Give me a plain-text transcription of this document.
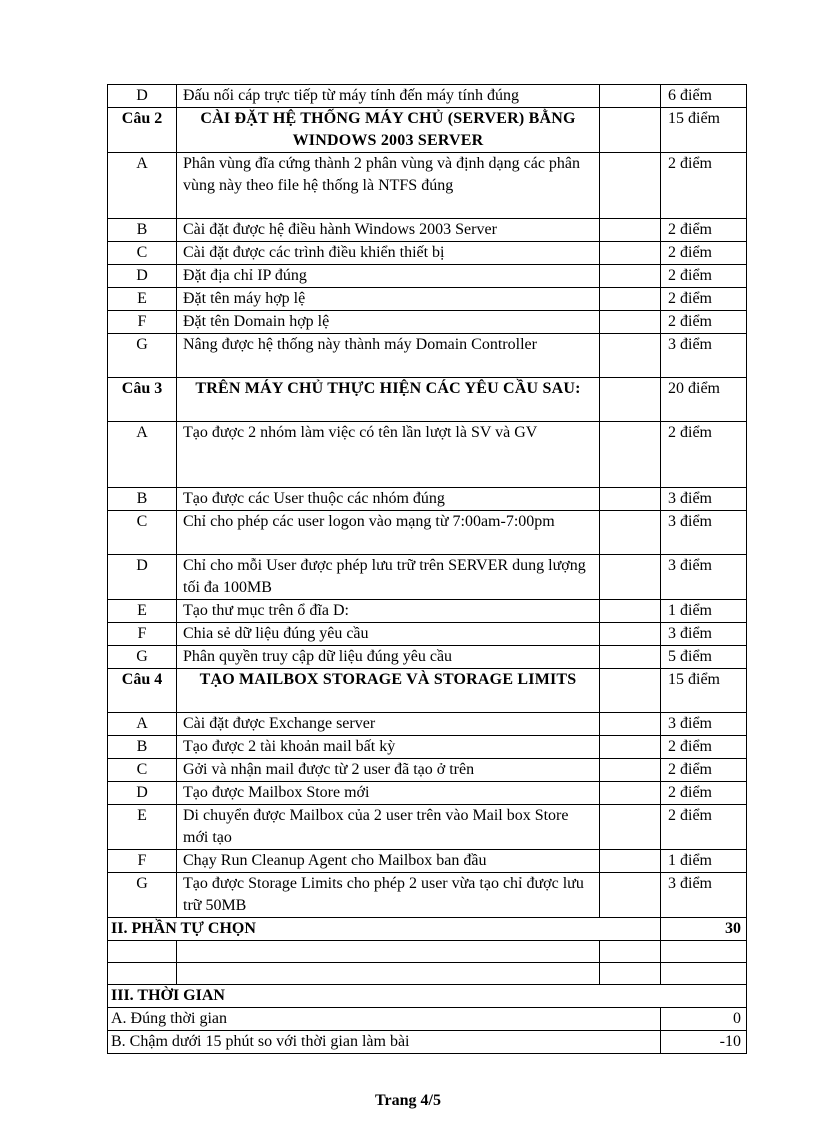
D	Đấu nối cáp trực tiếp từ máy tính đến máy tính đúng		6 điểm
Câu 2	CÀI ĐẶT HỆ THỐNG MÁY CHỦ (SERVER) BẰNG WINDOWS 2003 SERVER		15 điểm
A	Phân vùng đĩa cứng thành 2 phân vùng và định dạng các phân vùng này theo file hệ thống là NTFS đúng		2 điểm
B	Cài đặt được hệ điều hành Windows 2003 Server		2 điểm
C	Cài đặt được các trình điều khiển thiết bị		2 điểm
D	Đặt địa chỉ IP đúng		2 điểm
E	Đặt tên máy hợp lệ		2 điểm
F	Đặt tên Domain hợp lệ		2 điểm
G	Nâng được hệ thống này thành máy Domain Controller		3 điểm
Câu 3	TRÊN MÁY CHỦ THỰC HIỆN CÁC YÊU CẦU SAU:		20 điểm
A	Tạo được 2 nhóm làm việc có tên lần lượt là SV và GV		2 điểm
B	Tạo được các User thuộc các nhóm đúng		3 điểm
C	Chỉ cho phép các user logon vào mạng từ 7:00am-7:00pm		3 điểm
D	Chỉ cho mỗi User được phép lưu trữ trên SERVER dung lượng tối đa 100MB		3 điểm
E	Tạo thư mục trên ổ đĩa D:		1 điểm
F	Chia sẻ dữ liệu đúng yêu cầu		3 điểm
G	Phân quyền truy cập dữ liệu đúng yêu cầu		5 điểm
Câu 4	TẠO MAILBOX STORAGE VÀ STORAGE LIMITS		15 điểm
A	Cài đặt được Exchange server		3 điểm
B	Tạo được 2 tài khoản mail bất kỳ		2 điểm
C	Gởi và nhận mail được từ 2 user đã tạo ở trên		2 điểm
D	Tạo được Mailbox Store mới		2 điểm
E	Di chuyển được Mailbox của 2 user trên vào Mail box Store mới tạo		2 điểm
F	Chạy Run Cleanup Agent cho Mailbox ban đầu		1 điểm
G	Tạo được Storage Limits cho phép 2 user vừa tạo chỉ được lưu trữ 50MB		3 điểm
II. PHẦN TỰ CHỌN			30

III. THỜI GIAN			
A. Đúng thời gian			0
B. Chậm dưới 15 phút so với thời gian làm bài			-10
Trang 4/5
